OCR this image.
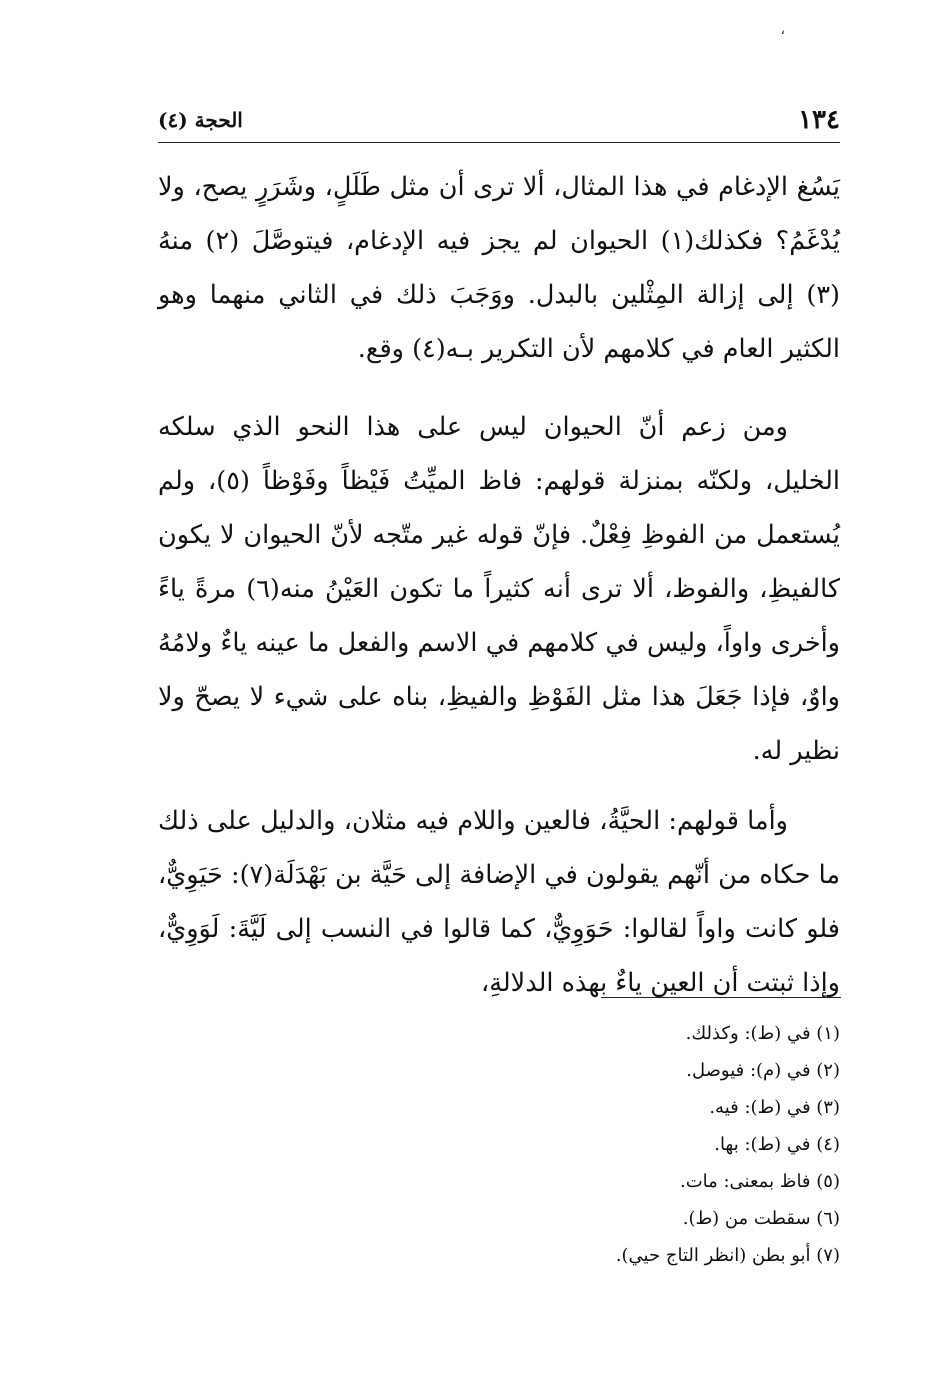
،
١٣٤
الحجة (٤)

يَسُغ الإدغام في هذا المثال، ألا ترى أن مثل طَلَلٍ، وشَرَرٍ يصح، ولا يُدْغَمُ؟ فكذلك(١) الحيوان لم يجز فيه الإدغام، فيتوصَّلَ (٢) منهُ (٣) إلى إزالة المِثْلين بالبدل. ووَجَبَ ذلك في الثاني منهما وهو الكثير العام في كلامهم لأن التكرير بـه(٤) وقع.

ومن زعم أنّ الحيوان ليس على هذا النحو الذي سلكه الخليل، ولكنّه بمنزلة قولهم: فاظ الميِّتُ فَيْظاً وفَوْظاً (٥)، ولم يُستعمل من الفوظِ فِعْلٌ. فإنّ قوله غير متّجه لأنّ الحيوان لا يكون كالفيظِ، والفوظ، ألا ترى أنه كثيراً ما تكون العَيْنُ منه(٦) مرةً ياءً وأخرى واواً، وليس في كلامهم في الاسم والفعل ما عينه ياءٌ ولامُهُ واوٌ، فإذا جَعَلَ هذا مثل الفَوْظِ والفيظِ، بناه على شيء لا يصحّ ولا نظير له.

وأما قولهم: الحيَّةُ، فالعين واللام فيه مثلان، والدليل على ذلك ما حكاه من أنّهم يقولون في الإضافة إلى حَيَّة بن بَهْدَلَة(٧): حَيَوِيٌّ، فلو كانت واواً لقالوا: حَوَوِيٌّ، كما قالوا في النسب إلى لَيَّةَ: لَوَوِيٌّ، وإذا ثبتت أن العين ياءٌ بهذه الدلالةِ،

(١) في (ط): وكذلك.
(٢) في (م): فيوصل.
(٣) في (ط): فيه.
(٤) في (ط): بها.
(٥) فاظ بمعنى: مات.
(٦) سقطت من (ط).
(٧) أبو بطن (انظر التاج حيي).
